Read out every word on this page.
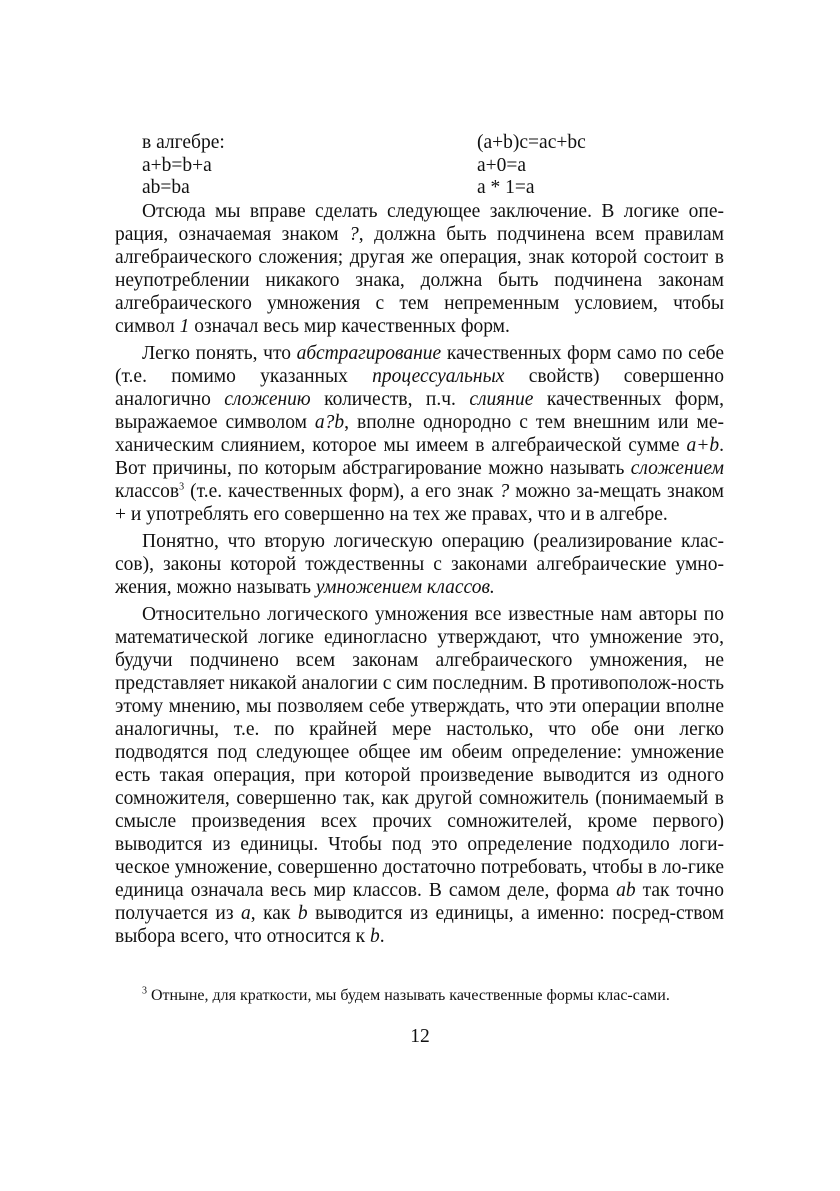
в алгебре:	(a+b)c=ac+bc
a+b=b+a	a+0=a
ab=ba	a * 1=a

Отсюда мы вправе сделать следующее заключение. В логике опе-рация, означаемая знаком ?, должна быть подчинена всем правилам алгебраического сложения; другая же операция, знак которой состоит в неупотреблении никакого знака, должна быть подчинена законам алгебраического умножения с тем непременным условием, чтобы символ 1 означал весь мир качественных форм.

Легко понять, что абстрагирование качественных форм само по себе (т.е. помимо указанных процессуальных свойств) совершенно аналогично сложению количеств, п.ч. слияние качественных форм, выражаемое символом a?b, вполне однородно с тем внешним или ме-ханическим слиянием, которое мы имеем в алгебраической сумме a+b. Вот причины, по которым абстрагирование можно называть сложением классов$^3$ (т.е. качественных форм), а его знак ? можно за-мещать знаком + и употреблять его совершенно на тех же правах, что и в алгебре.

Понятно, что вторую логическую операцию (реализирование клас-сов), законы которой тождественны с законами алгебраические умно-жения, можно называть умножением классов.

Относительно логического умножения все известные нам авторы по математической логике единогласно утверждают, что умножение это, будучи подчинено всем законам алгебраического умножения, не представляет никакой аналогии с сим последним. В противополож-ность этому мнению, мы позволяем себе утверждать, что эти операции вполне аналогичны, т.е. по крайней мере настолько, что обе они легко подводятся под следующее общее им обеим определение: умножение есть такая операция, при которой произведение выводится из одного сомножителя, совершенно так, как другой сомножитель (понимаемый в смысле произведения всех прочих сомножителей, кроме первого) выводится из единицы. Чтобы под это определение подходило логи-ческое умножение, совершенно достаточно потребовать, чтобы в ло-гике единица означала весь мир классов. В самом деле, форма ab так точно получается из a, как b выводится из единицы, а именно: посред-ством выбора всего, что относится к b.

$^3$ Отныне, для краткости, мы будем называть качественные формы клас-сами.
12
